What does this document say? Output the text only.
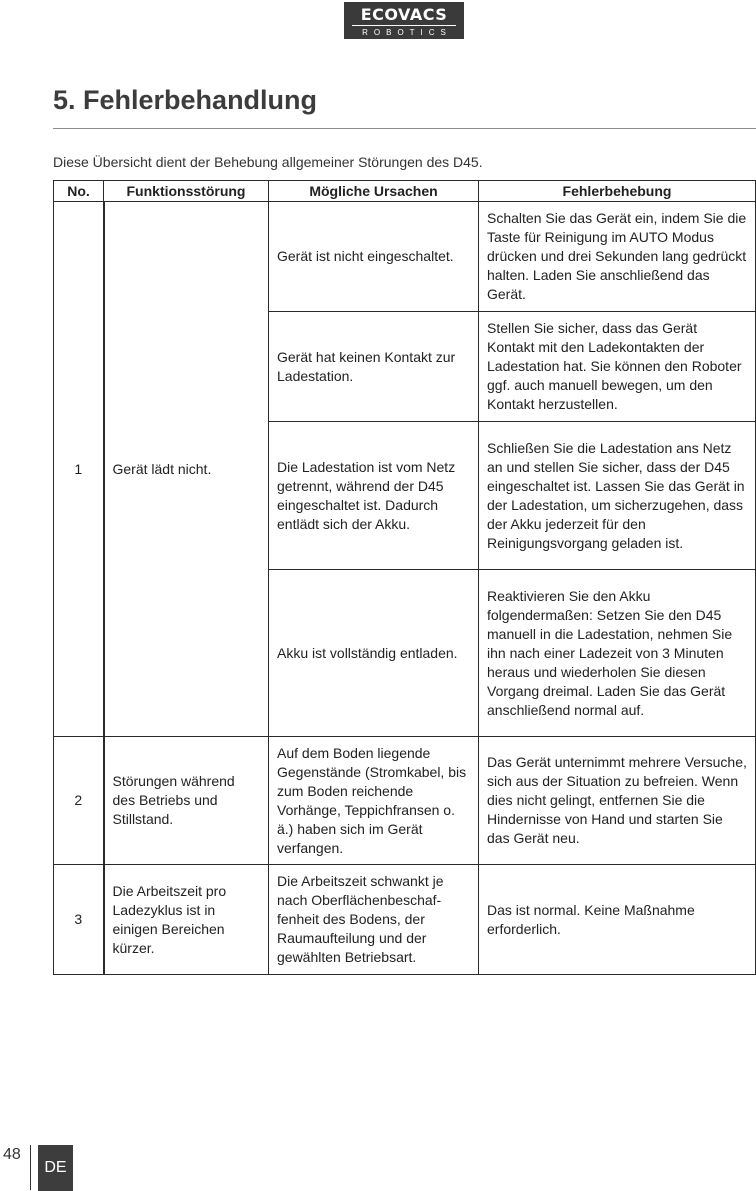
ECOVACS
ROBOTICS
5. Fehlerbehandlung

Diese Übersicht dient der Behebung allgemeiner Störungen des D45.

No.	Funktionsstörung	Mögliche Ursachen	Fehlerbehebung
1	Gerät lädt nicht.	Gerät ist nicht eingeschaltet.	Schalten Sie das Gerät ein, indem Sie die Taste für Reinigung im AUTO Modus drücken und drei Sekunden lang gedrückt halten. Laden Sie anschließend das Gerät.
		Gerät hat keinen Kontakt zur Ladestation.	Stellen Sie sicher, dass das Gerät Kontakt mit den Ladekontakten der Ladestation hat. Sie können den Roboter ggf. auch manuell bewegen, um den Kontakt herzustellen.
		Die Ladestation ist vom Netz getrennt, während der D45 eingeschaltet ist. Dadurch entlädt sich der Akku.	Schließen Sie die Ladestation ans Netz an und stellen Sie sicher, dass der D45 eingeschaltet ist. Lassen Sie das Gerät in der Ladestation, um sicherzugehen, dass der Akku jederzeit für den Reinigungsvorgang geladen ist.
		Akku ist vollständig entladen.	Reaktivieren Sie den Akku folgendermaßen: Setzen Sie den D45 manuell in die Ladestation, nehmen Sie ihn nach einer Ladezeit von 3 Minuten heraus und wiederholen Sie diesen Vorgang dreimal. Laden Sie das Gerät anschließend normal auf.
2	Störungen während des Betriebs und Stillstand.	Auf dem Boden liegende Gegenstände (Stromkabel, bis zum Boden reichende Vorhänge, Teppichfransen o. ä.) haben sich im Gerät verfangen.	Das Gerät unternimmt mehrere Versuche, sich aus der Situation zu befreien. Wenn dies nicht gelingt, entfernen Sie die Hindernisse von Hand und starten Sie das Gerät neu.
3	Die Arbeitszeit pro Ladezyklus ist in einigen Bereichen kürzer.	Die Arbeitszeit schwankt je nach Oberflächenbeschaf-fenheit des Bodens, der Raumaufteilung und der gewählten Betriebsart.	Das ist normal. Keine Maßnahme erforderlich.
48
DE
